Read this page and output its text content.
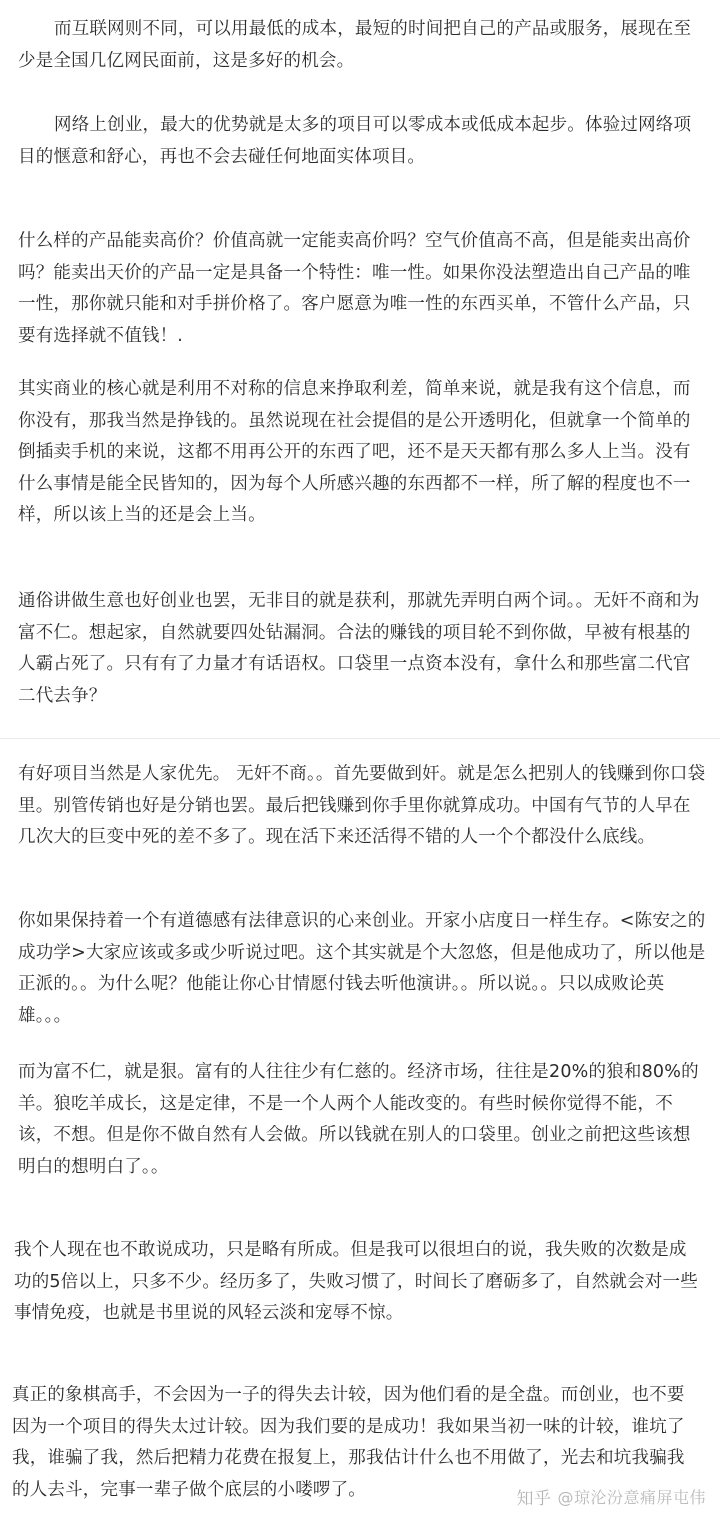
而互联网则不同，可以用最低的成本，最短的时间把自己的产品或服务，展现在至少是全国几亿网民面前，这是多好的机会。

网络上创业，最大的优势就是太多的项目可以零成本或低成本起步。体验过网络项目的惬意和舒心，再也不会去碰任何地面实体项目。

什么样的产品能卖高价？价值高就一定能卖高价吗？空气价值高不高，但是能卖出高价吗？能卖出天价的产品一定是具备一个特性：唯一性。如果你没法塑造出自己产品的唯一性，那你就只能和对手拼价格了。客户愿意为唯一性的东西买单，不管什么产品，只要有选择就不值钱！.

其实商业的核心就是利用不对称的信息来挣取利差，简单来说，就是我有这个信息，而你没有，那我当然是挣钱的。虽然说现在社会提倡的是公开透明化，但就拿一个简单的倒插卖手机的来说，这都不用再公开的东西了吧，还不是天天都有那么多人上当。没有什么事情是能全民皆知的，因为每个人所感兴趣的东西都不一样，所了解的程度也不一样，所以该上当的还是会上当。

通俗讲做生意也好创业也罢，无非目的就是获利，那就先弄明白两个词。。无奸不商和为富不仁。想起家，自然就要四处钻漏洞。合法的赚钱的项目轮不到你做，早被有根基的人霸占死了。只有有了力量才有话语权。口袋里一点资本没有，拿什么和那些富二代官二代去争？

有好项目当然是人家优先。 无奸不商。。首先要做到奸。就是怎么把别人的钱赚到你口袋里。别管传销也好是分销也罢。最后把钱赚到你手里你就算成功。中国有气节的人早在几次大的巨变中死的差不多了。现在活下来还活得不错的人一个个都没什么底线。

你如果保持着一个有道德感有法律意识的心来创业。开家小店度日一样生存。<陈安之的成功学>大家应该或多或少听说过吧。这个其实就是个大忽悠，但是他成功了，所以他是正派的。。为什么呢？他能让你心甘情愿付钱去听他演讲。。所以说。。只以成败论英雄。。。

而为富不仁，就是狠。富有的人往往少有仁慈的。经济市场，往往是20%的狼和80%的羊。狼吃羊成长，这是定律，不是一个人两个人能改变的。有些时候你觉得不能，不该，不想。但是你不做自然有人会做。所以钱就在别人的口袋里。创业之前把这些该想明白的想明白了。。

我个人现在也不敢说成功，只是略有所成。但是我可以很坦白的说，我失败的次数是成功的5倍以上，只多不少。经历多了，失败习惯了，时间长了磨砺多了，自然就会对一些事情免疫，也就是书里说的风轻云淡和宠辱不惊。

真正的象棋高手，不会因为一子的得失去计较，因为他们看的是全盘。而创业，也不要因为一个项目的得失太过计较。因为我们要的是成功！我如果当初一味的计较，谁坑了我，谁骗了我，然后把精力花费在报复上，那我估计什么也不用做了，光去和坑我骗我的人去斗，完事一辈子做个底层的小喽啰了。	知乎 @琼沦汾意痛屏屯伟
